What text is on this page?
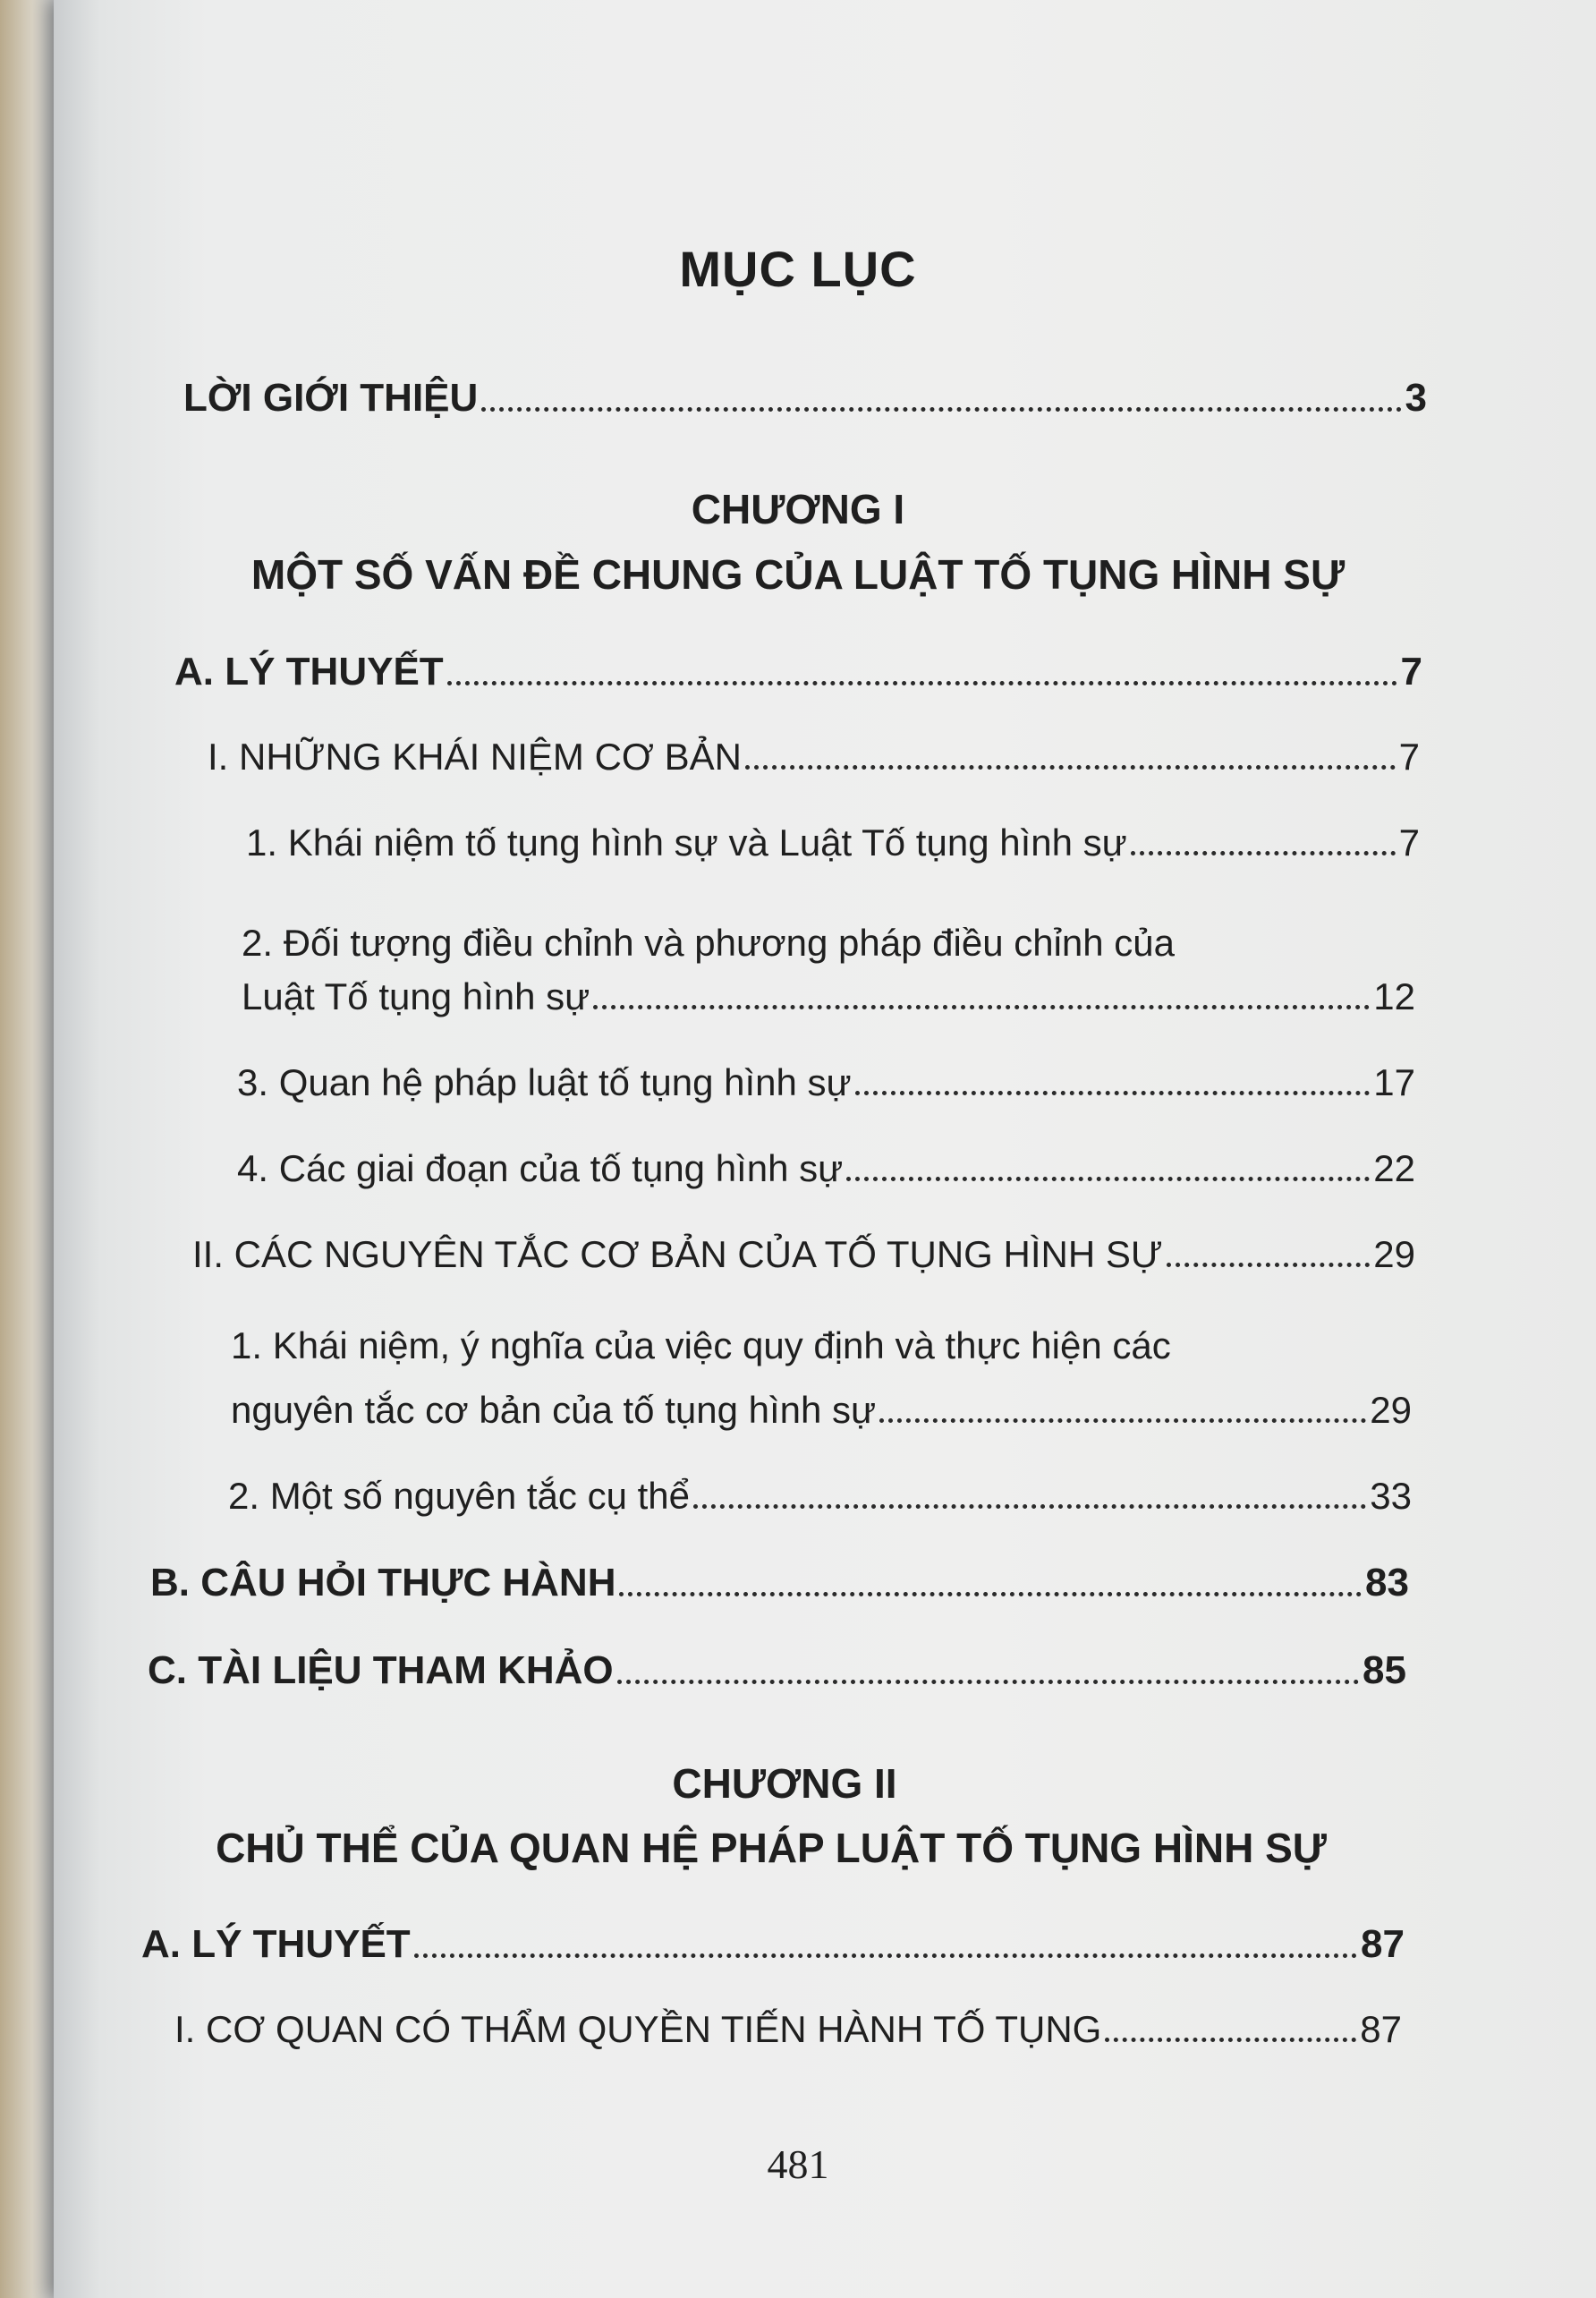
MỤC LỤC
LỜI GIỚI THIỆU	3
CHƯƠNG I
MỘT SỐ VẤN ĐỀ CHUNG CỦA LUẬT TỐ TỤNG HÌNH SỰ
A. LÝ THUYẾT	7
I. NHỮNG KHÁI NIỆM CƠ BẢN	7
1. Khái niệm tố tụng hình sự và Luật Tố tụng hình sự	7
2. Đối tượng điều chỉnh và phương pháp điều chỉnh của
Luật Tố tụng hình sự	12
3. Quan hệ pháp luật tố tụng hình sự	17
4. Các giai đoạn của tố tụng hình sự	22
II. CÁC NGUYÊN TẮC CƠ BẢN CỦA TỐ TỤNG HÌNH SỰ	29
1. Khái niệm, ý nghĩa của việc quy định và thực hiện các
nguyên tắc cơ bản của tố tụng hình sự	29
2. Một số nguyên tắc cụ thể	33
B. CÂU HỎI THỰC HÀNH	83
C. TÀI LIỆU THAM KHẢO	85
CHƯƠNG II
CHỦ THỂ CỦA QUAN HỆ PHÁP LUẬT TỐ TỤNG HÌNH SỰ
A. LÝ THUYẾT	87
I. CƠ QUAN CÓ THẨM QUYỀN TIẾN HÀNH TỐ TỤNG	87
481
